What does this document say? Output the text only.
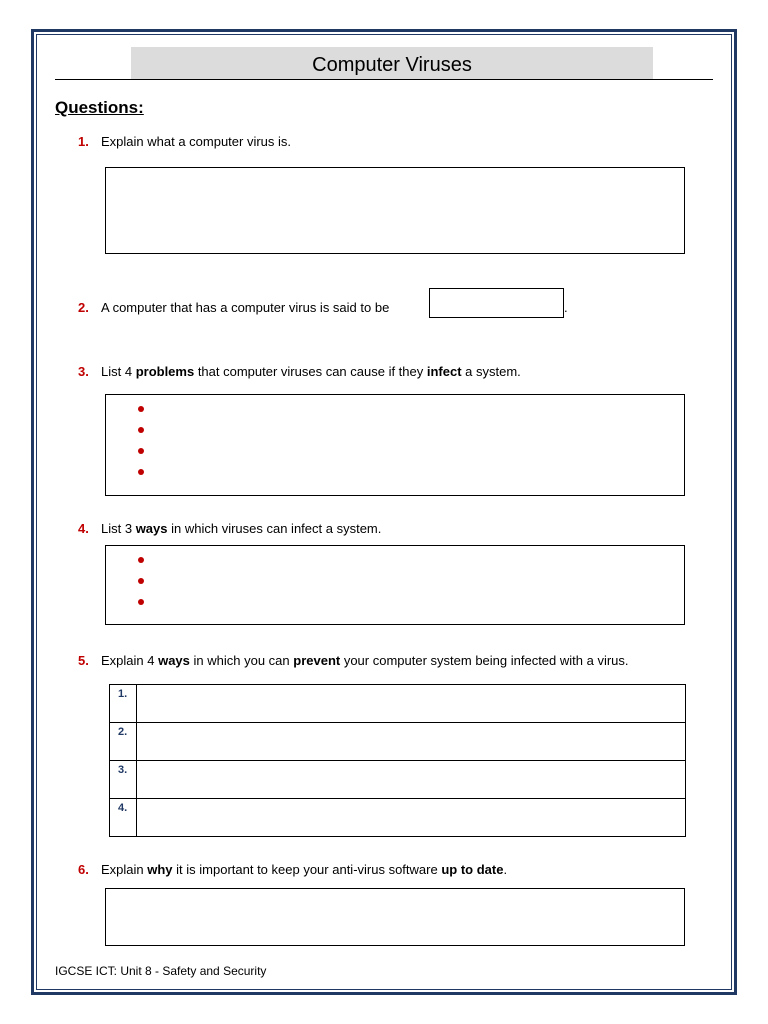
Computer Viruses
Questions:
1. Explain what a computer virus is.
2. A computer that has a computer virus is said to be	.
3. List 4 problems that computer viruses can cause if they infect a system.
4. List 3 ways in which viruses can infect a system.
5. Explain 4 ways in which you can prevent your computer system being infected with a virus.
1.	
2.	
3.	
4.	
6. Explain why it is important to keep your anti-virus software up to date.
IGCSE ICT: Unit 8 - Safety and Security
